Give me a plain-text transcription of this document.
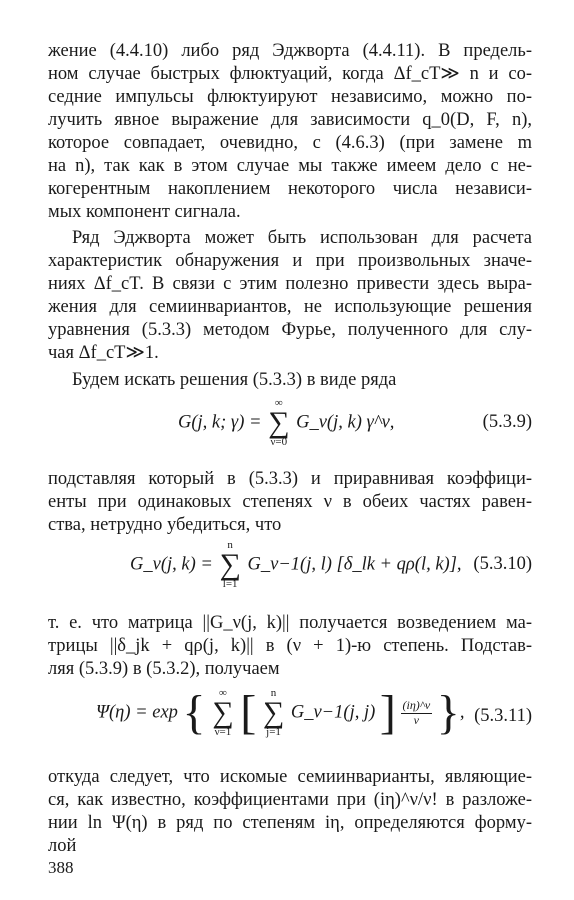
жение (4.4.10) либо ряд Эджворта (4.4.11). В предель-
ном случае быстрых флюктуаций, когда Δf_cT≫ n и со-
седние импульсы флюктуируют независимо, можно по-
лучить явное выражение для зависимости q_0(D, F, n),
которое совпадает, очевидно, с (4.6.3) (при замене m
на n), так как в этом случае мы также имеем дело с не-
когерентным накоплением некоторого числа независи-
мых компонент сигнала.
Ряд Эджворта может быть использован для расчета
характеристик обнаружения и при произвольных значе-
ниях Δf_cT. В связи с этим полезно привести здесь выра-
жения для семиинвариантов, не использующие решения
уравнения (5.3.3) методом Фурье, полученного для слу-
чая Δf_cT≫1.
Будем искать решения (5.3.3) в виде ряда
G(j, k; γ) =
∞
∑
ν=0
G_ν(j, k) γ^ν,	(5.3.9)
подставляя который в (5.3.3) и приравнивая коэффици-
енты при одинаковых степенях ν в обеих частях равен-
ства, нетрудно убедиться, что
G_ν(j, k) =
n
∑
l=1
G_ν−1(j, l) [δ_lk + qρ(l, k)], (5.3.10)
т. е. что матрица ||G_ν(j, k)|| получается возведением ма-
трицы ||δ_jk + qρ(j, k)|| в (ν + 1)-ю степень. Подстав-
ляя (5.3.9) в (5.3.2), получаем
Ψ(η) = exp {	∞
∑
ν=1 [	n
∑
j=1
G_ν−1(j, j) ] $\frac{(i\eta)\^{}\nu}{\nu}$ }, (5.3.11)
откуда следует, что искомые семиинварианты, являющие-
ся, как известно, коэффициентами при (iη)^ν/ν! в разложе-
нии ln Ψ(η) в ряд по степеням iη, определяются форму-
лой
388
